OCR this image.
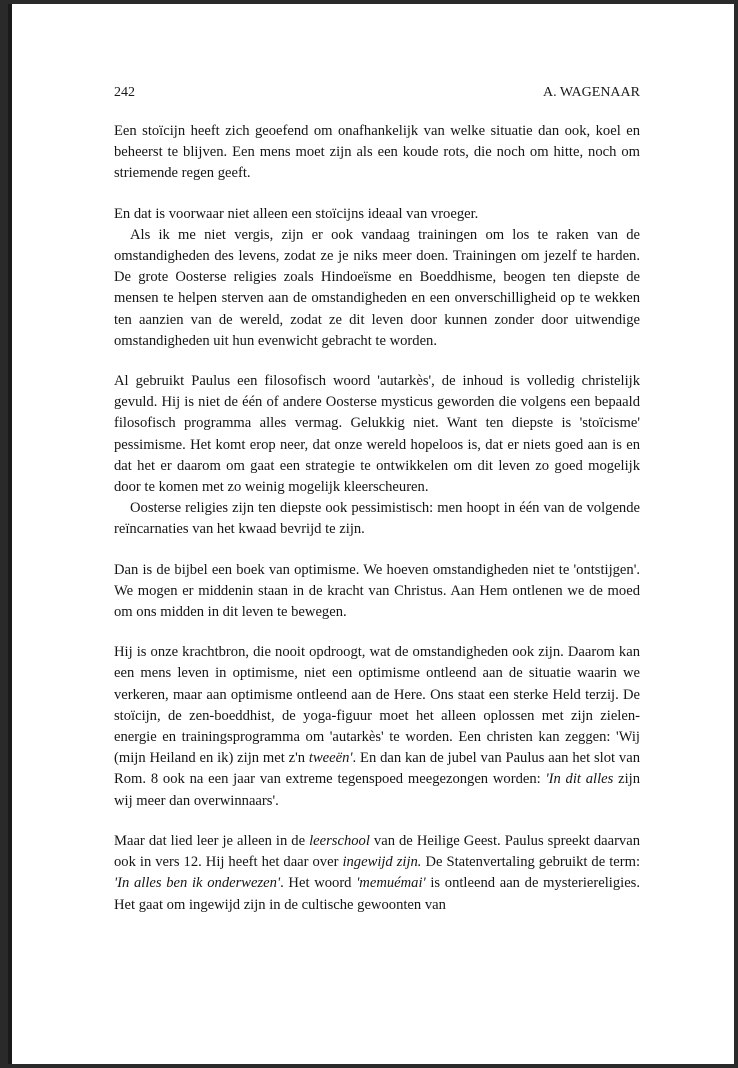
242	A. WAGENAAR

Een stoïcijn heeft zich geoefend om onafhankelijk van welke situatie dan ook, koel en beheerst te blijven. Een mens moet zijn als een koude rots, die noch om hitte, noch om striemende regen geeft.

En dat is voorwaar niet alleen een stoïcijns ideaal van vroeger.

Als ik me niet vergis, zijn er ook vandaag trainingen om los te raken van de omstandigheden des levens, zodat ze je niks meer doen. Trainingen om jezelf te harden. De grote Oosterse religies zoals Hindoeïsme en Boeddhisme, beogen ten diepste de mensen te helpen sterven aan de omstandigheden en een onverschilligheid op te wekken ten aanzien van de wereld, zodat ze dit leven door kunnen zonder door uitwendige omstandigheden uit hun evenwicht gebracht te worden.

Al gebruikt Paulus een filosofisch woord 'autarkès', de inhoud is volledig christelijk gevuld. Hij is niet de één of andere Oosterse mysticus geworden die volgens een bepaald filosofisch programma alles vermag. Gelukkig niet. Want ten diepste is 'stoïcisme' pessimisme. Het komt erop neer, dat onze wereld hopeloos is, dat er niets goed aan is en dat het er daarom om gaat een strategie te ontwikkelen om dit leven zo goed mogelijk door te komen met zo weinig mogelijk kleerscheuren.

Oosterse religies zijn ten diepste ook pessimistisch: men hoopt in één van de volgende reïncarnaties van het kwaad bevrijd te zijn.

Dan is de bijbel een boek van optimisme. We hoeven omstandigheden niet te 'ontstijgen'. We mogen er middenin staan in de kracht van Christus. Aan Hem ontlenen we de moed om ons midden in dit leven te bewegen.

Hij is onze krachtbron, die nooit opdroogt, wat de omstandigheden ook zijn. Daarom kan een mens leven in optimisme, niet een optimisme ontleend aan de situatie waarin we verkeren, maar aan optimisme ontleend aan de Here. Ons staat een sterke Held terzij. De stoïcijn, de zen-boeddhist, de yoga-figuur moet het alleen oplossen met zijn zielen-energie en trainingsprogramma om 'autarkès' te worden. Een christen kan zeggen: 'Wij (mijn Heiland en ik) zijn met z'n tweeën'. En dan kan de jubel van Paulus aan het slot van Rom. 8 ook na een jaar van extreme tegenspoed meegezongen worden: 'In dit alles zijn wij meer dan overwinnaars'.

Maar dat lied leer je alleen in de leerschool van de Heilige Geest. Paulus spreekt daarvan ook in vers 12. Hij heeft het daar over ingewijd zijn. De Statenvertaling gebruikt de term: 'In alles ben ik onderwezen'. Het woord 'memuémai' is ontleend aan de mysteriereligies. Het gaat om ingewijd zijn in de cultische gewoonten van
